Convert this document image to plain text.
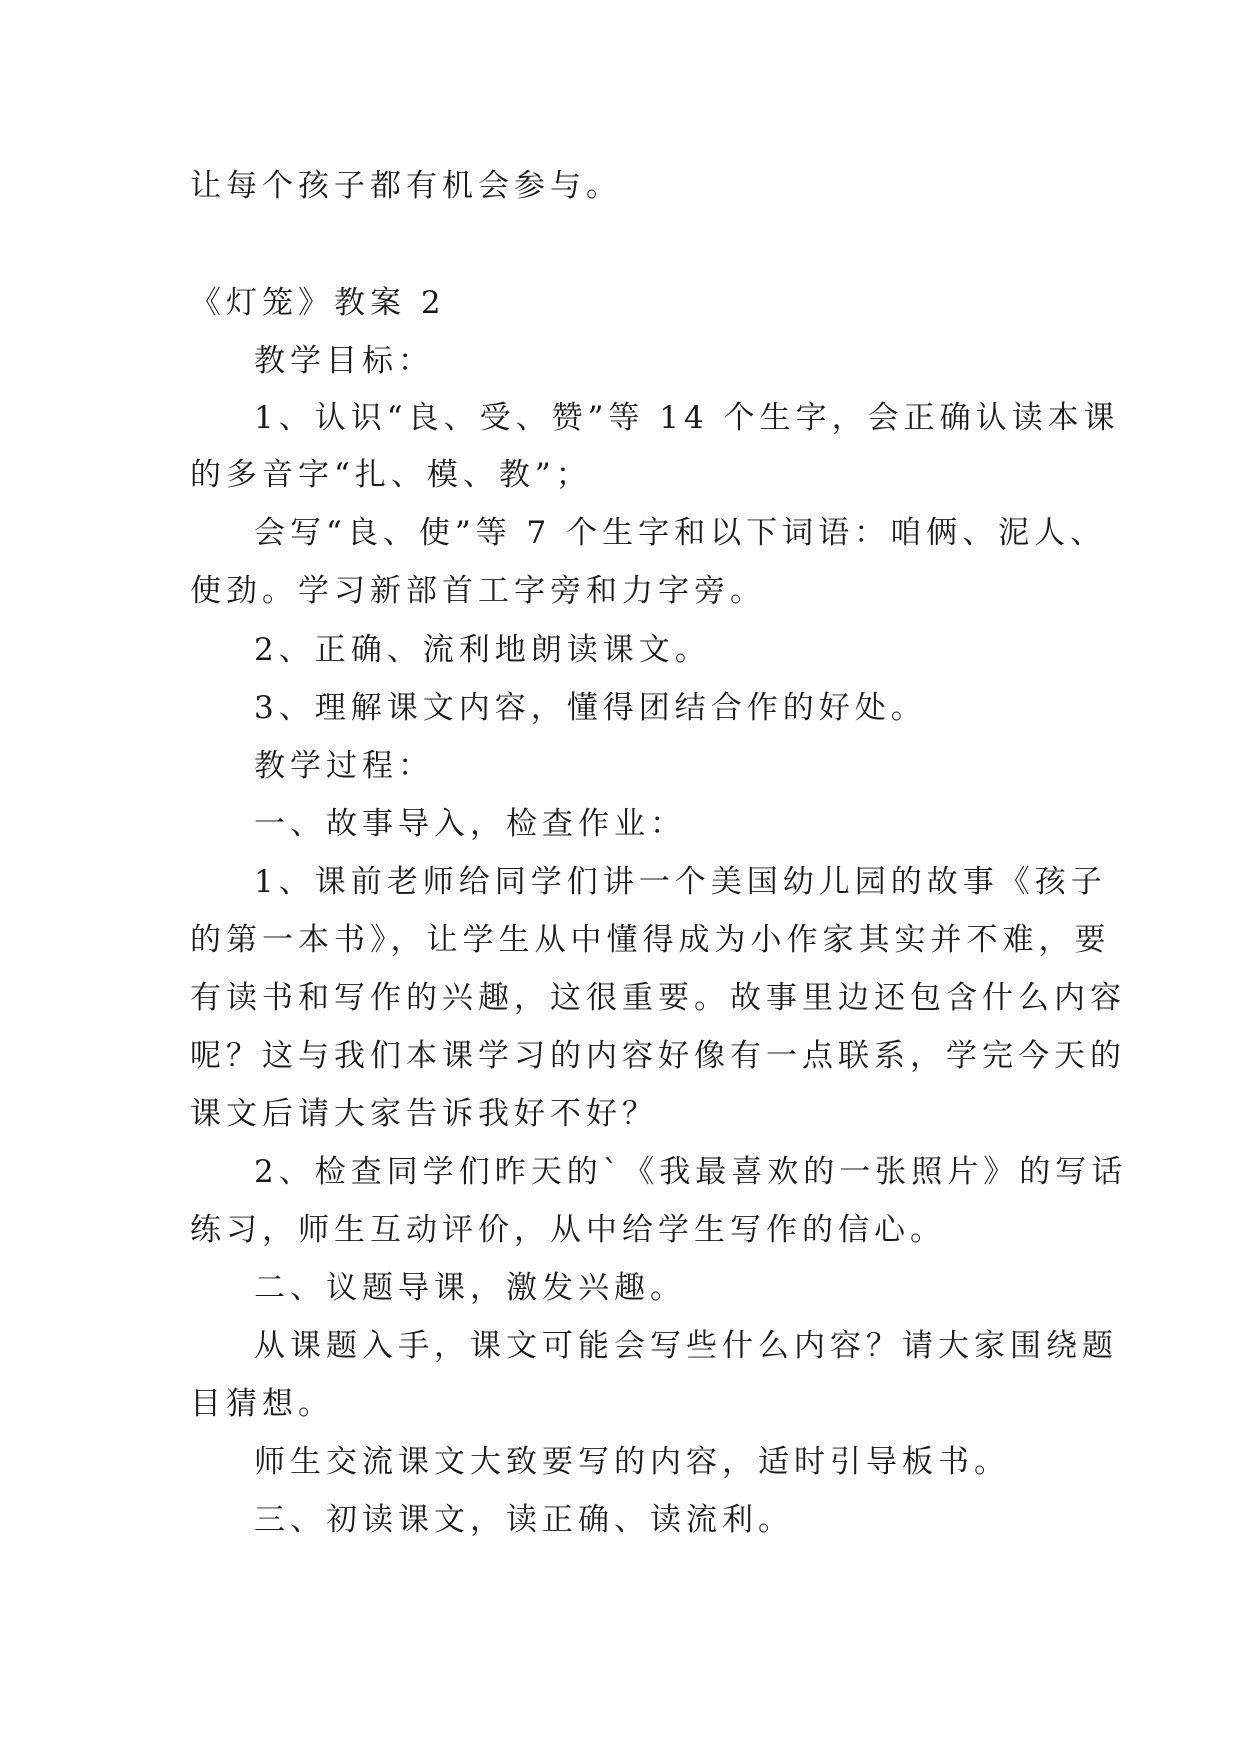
让每个孩子都有机会参与。
《灯笼》教案 2
教学目标：
1、认识“良、受、赞”等 14 个生字，会正确认读本课
的多音字“扎、模、教”；
会写“良、使”等 7 个生字和以下词语：咱俩、泥人、
使劲。学习新部首工字旁和力字旁。
2、正确、流利地朗读课文。
3、理解课文内容，懂得团结合作的好处。
教学过程：
一、故事导入，检查作业：
1、课前老师给同学们讲一个美国幼儿园的故事《孩子
的第一本书》，让学生从中懂得成为小作家其实并不难，要
有读书和写作的兴趣，这很重要。故事里边还包含什么内容
呢？这与我们本课学习的内容好像有一点联系，学完今天的
课文后请大家告诉我好不好？
2、检查同学们昨天的`《我最喜欢的一张照片》的写话
练习，师生互动评价，从中给学生写作的信心。
二、议题导课，激发兴趣。
从课题入手，课文可能会写些什么内容？请大家围绕题
目猜想。
师生交流课文大致要写的内容，适时引导板书。
三、初读课文，读正确、读流利。
